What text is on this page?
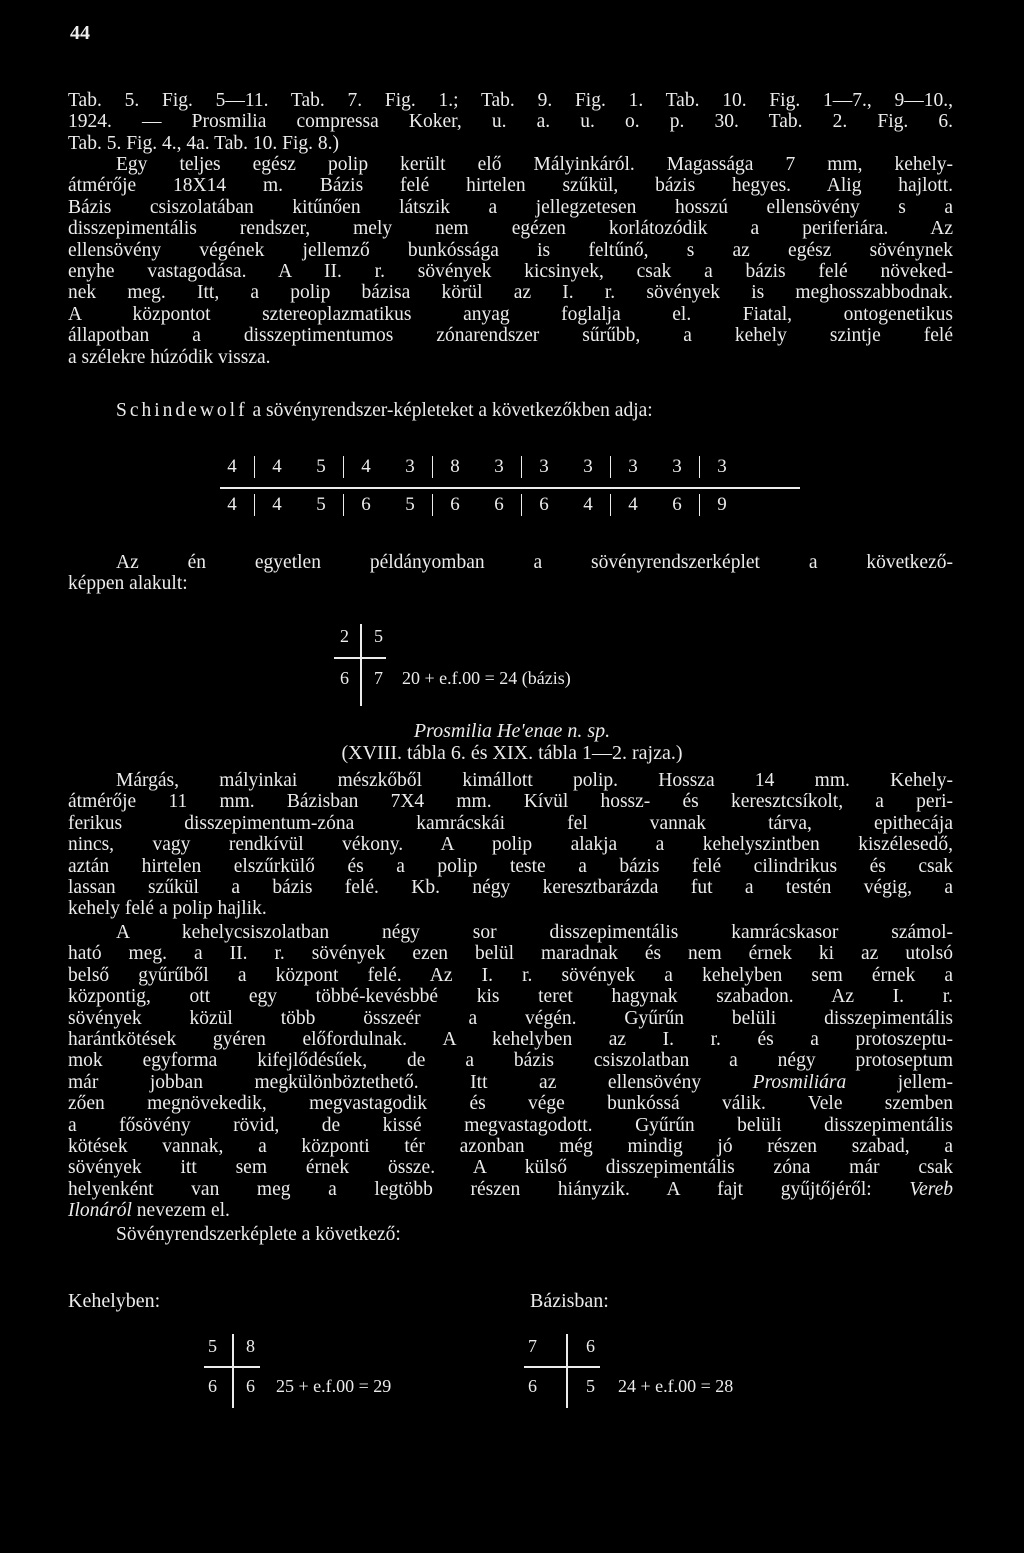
44
Tab. 5. Fig. 5—11. Tab. 7. Fig. 1.; Tab. 9. Fig. 1. Tab. 10. Fig. 1—7., 9—10.,
1924. — Prosmilia compressa Koker, u. a. u. o. p. 30. Tab. 2. Fig. 6.
Tab. 5. Fig. 4., 4a. Tab. 10. Fig. 8.)
Egy teljes egész polip került elő Mályinkáról. Magassága 7 mm, kehely-
átmérője 18X14 m. Bázis felé hirtelen szűkül, bázis hegyes. Alig hajlott.
Bázis csiszolatában kitűnően látszik a jellegzetesen hosszú ellensövény s a
disszepimentális rendszer, mely nem egézen korlátozódik a periferiára. Az
ellensövény végének jellemző bunkóssága is feltűnő, s az egész sövénynek
enyhe vastagodása. A II. r. sövények kicsinyek, csak a bázis felé növeked-
nek meg. Itt, a polip bázisa körül az I. r. sövények is meghosszabbodnak.
A központot sztereoplazmatikus anyag foglalja el. Fiatal, ontogenetikus
állapotban a disszeptimentumos zónarendszer sűrűbb, a kehely szintje felé
a szélekre húzódik vissza.
Schindewolf a sövényrendszer-képleteket a következőkben adja:
4	4	5	4	3	8	3	3	3	3	3	3
4	4	5	6	5	6	6	6	4	4	6	9
Az én egyetlen példányomban a sövényrendszerképlet a következő-
képpen alakult:
2 5
6 7 20 + e.f.00 = 24 (bázis)
Prosmilia He'enae n. sp.
(XVIII. tábla 6. és XIX. tábla 1—2. rajza.)
Márgás, mályinkai mészkőből kimállott polip. Hossza 14 mm. Kehely-
átmérője 11 mm. Bázisban 7X4 mm. Kívül hossz- és keresztcsíkolt, a peri-
ferikus disszepimentum-zóna kamrácskái fel vannak tárva, epithecája
nincs, vagy rendkívül vékony. A polip alakja a kehelyszintben kiszélesedő,
aztán hirtelen elszűrkülő és a polip teste a bázis felé cilindrikus és csak
lassan szűkül a bázis felé. Kb. négy keresztbarázda fut a testén végig, a
kehely felé a polip hajlik.
A kehelycsiszolatban négy sor disszepimentális kamrácskasor számol-
ható meg. a II. r. sövények ezen belül maradnak és nem érnek ki az utolsó
belső gyűrűből a központ felé. Az I. r. sövények a kehelyben sem érnek a
központig, ott egy többé-kevésbbé kis teret hagynak szabadon. Az I. r.
sövények közül több összeér a végén. Gyűrűn belüli disszepimentális
harántkötések gyéren előfordulnak. A kehelyben az I. r. és a protoszeptu-
mok egyforma kifejlődésűek, de a bázis csiszolatban a négy protoseptum
már jobban megkülönböztethető. Itt az ellensövény	Prosmiliára	jellem-
zően megnövekedik, megvastagodik és vége bunkóssá válik. Vele szemben
a fősövény rövid, de kissé megvastagodott. Gyűrűn belüli disszepimentális
kötések vannak, a központi tér azonban még mindig jó részen szabad, a
sövények itt sem érnek össze. A külső disszepimentális zóna már csak
helyenként van meg a legtöbb részen hiányzik. A fajt gyűjtőjéről: Vereb
Ilonáról nevezem el.
Sövényrendszerképlete a következő:
Kehelyben:	Bázisban:
5 8
6 6 25 + e.f.00 = 29
7	6
6	5 24 + e.f.00 = 28
